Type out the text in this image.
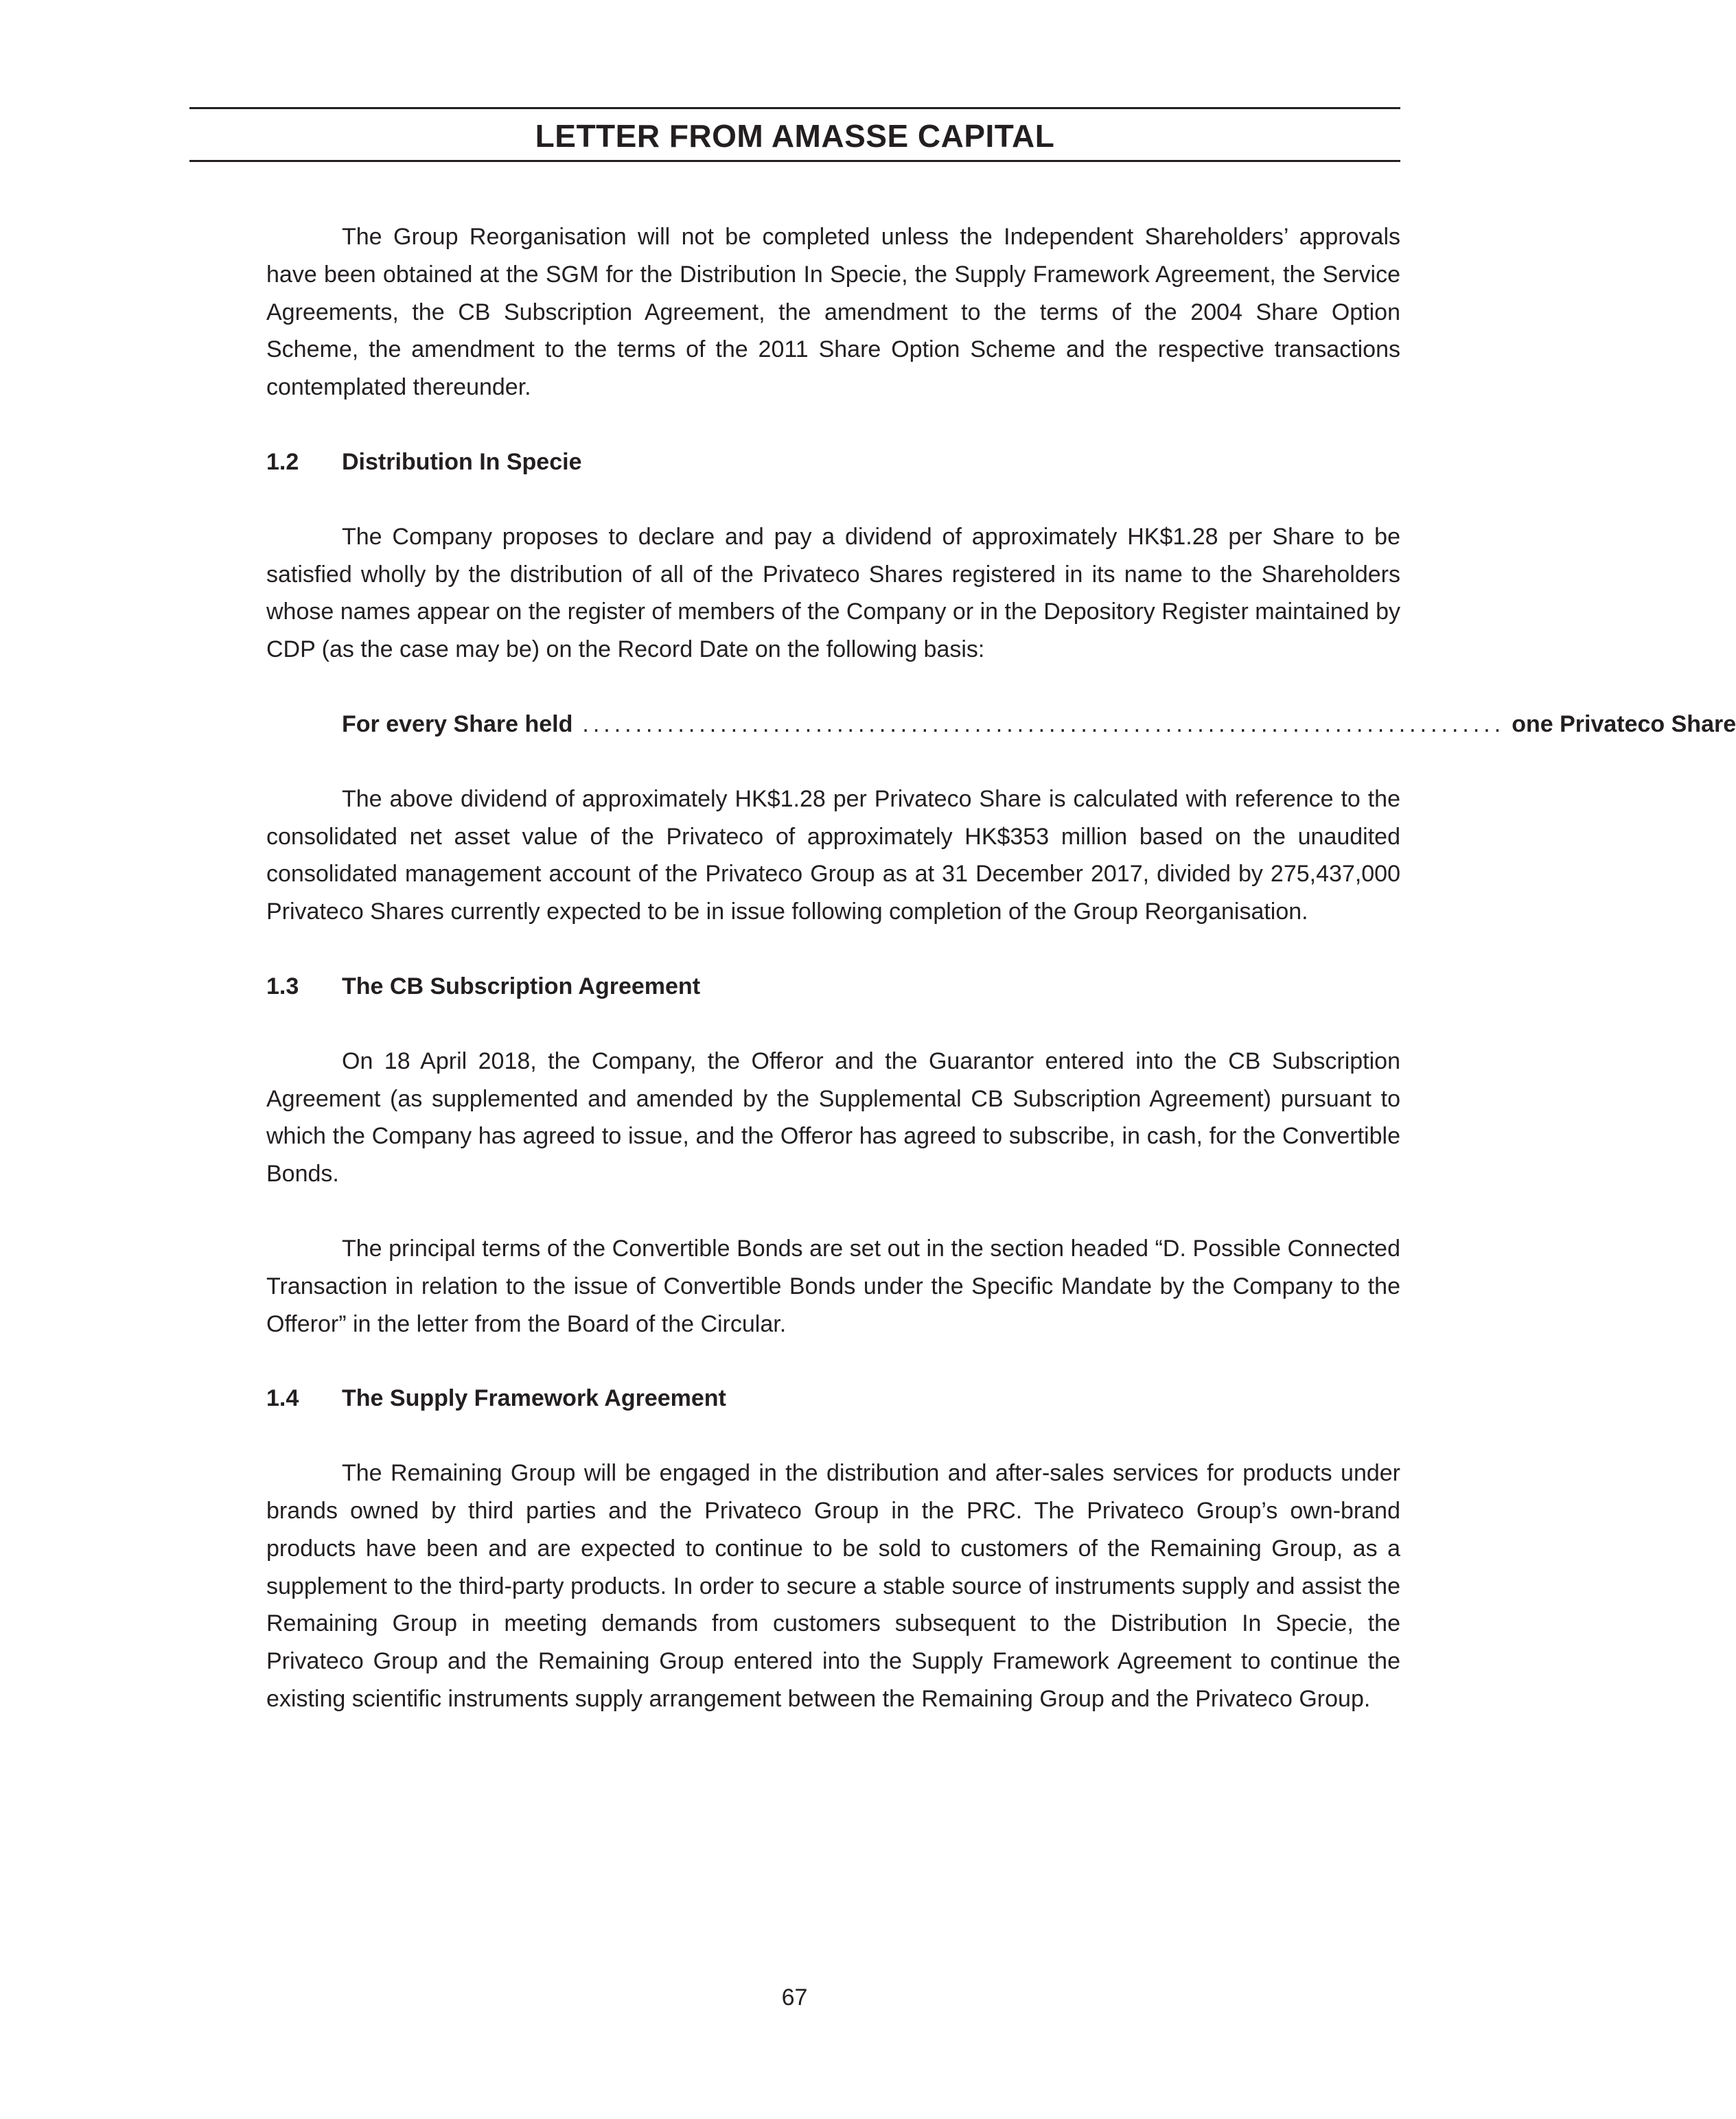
LETTER FROM AMASSE CAPITAL

The Group Reorganisation will not be completed unless the Independent Shareholders’ approvals have been obtained at the SGM for the Distribution In Specie, the Supply Framework Agreement, the Service Agreements, the CB Subscription Agreement, the amendment to the terms of the 2004 Share Option Scheme, the amendment to the terms of the 2011 Share Option Scheme and the respective transactions contemplated thereunder.

1.2	Distribution In Specie

The Company proposes to declare and pay a dividend of approximately HK$1.28 per Share to be satisfied wholly by the distribution of all of the Privateco Shares registered in its name to the Shareholders whose names appear on the register of members of the Company or in the Depository Register maintained by CDP (as the case may be) on the Record Date on the following basis:

For every Share held ....................................................................................... one Privateco Share

The above dividend of approximately HK$1.28 per Privateco Share is calculated with reference to the consolidated net asset value of the Privateco of approximately HK$353 million based on the unaudited consolidated management account of the Privateco Group as at 31 December 2017, divided by 275,437,000 Privateco Shares currently expected to be in issue following completion of the Group Reorganisation.

1.3	The CB Subscription Agreement

On 18 April 2018, the Company, the Offeror and the Guarantor entered into the CB Subscription Agreement (as supplemented and amended by the Supplemental CB Subscription Agreement) pursuant to which the Company has agreed to issue, and the Offeror has agreed to subscribe, in cash, for the Convertible Bonds.

The principal terms of the Convertible Bonds are set out in the section headed “D. Possible Connected Transaction in relation to the issue of Convertible Bonds under the Specific Mandate by the Company to the Offeror” in the letter from the Board of the Circular.

1.4	The Supply Framework Agreement

The Remaining Group will be engaged in the distribution and after-sales services for products under brands owned by third parties and the Privateco Group in the PRC. The Privateco Group’s own-brand products have been and are expected to continue to be sold to customers of the Remaining Group, as a supplement to the third-party products. In order to secure a stable source of instruments supply and assist the Remaining Group in meeting demands from customers subsequent to the Distribution In Specie, the Privateco Group and the Remaining Group entered into the Supply Framework Agreement to continue the existing scientific instruments supply arrangement between the Remaining Group and the Privateco Group.

67
